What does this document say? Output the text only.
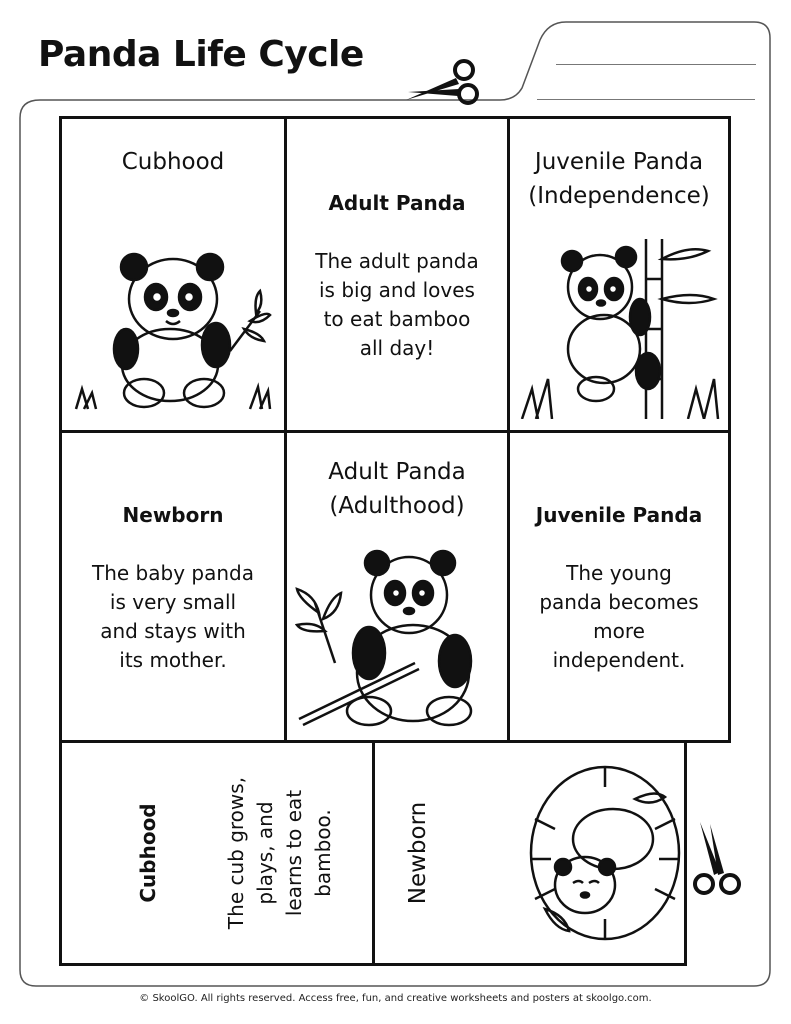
Panda Life Cycle
Cubhood
Adult Panda
The adult panda
is big and loves
to eat bamboo
all day!
Juvenile Panda
(Independence)
Newborn
The baby panda
is very small
and stays with
its mother.
Adult Panda
(Adulthood)	Juvenile Panda
The young
panda becomes
more
independent.
Cubhood	The cub grows, plays, and learns to eat bamboo.	Newborn
© SkoolGO. All rights reserved. Access free, fun, and creative worksheets and posters at skoolgo.com.
